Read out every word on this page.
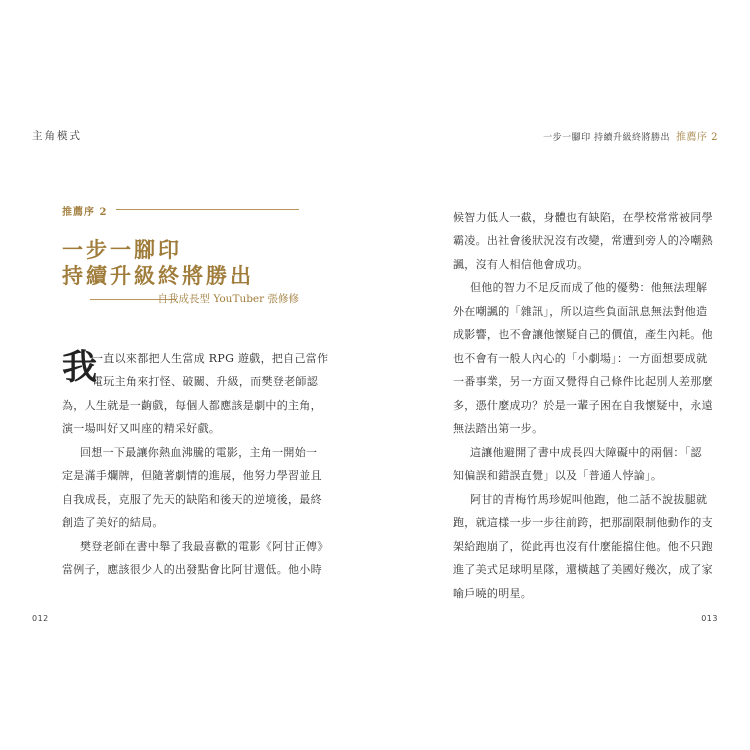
主角模式	一步一腳印 持續升級終將勝出 推薦序 2
推薦序 2
一步一腳印
持續升級終將勝出
自我成長型 YouTuber 張修修
我
一直以來都把人生當成 RPG 遊戲，把自己當作
電玩主角來打怪、破關、升級，而樊登老師認
為，人生就是一齣戲，每個人都應該是劇中的主角，
演一場叫好又叫座的精采好戲。
回想一下最讓你熱血沸騰的電影，主角一開始一
定是滿手爛牌，但隨著劇情的進展，他努力學習並且
自我成長，克服了先天的缺陷和後天的逆境後，最終
創造了美好的結局。
樊登老師在書中舉了我最喜歡的電影《阿甘正傳》
當例子，應該很少人的出發點會比阿甘還低。他小時
候智力低人一截，身體也有缺陷，在學校常常被同學
霸凌。出社會後狀況沒有改變，常遭到旁人的冷嘲熱
諷，沒有人相信他會成功。
但他的智力不足反而成了他的優勢：他無法理解
外在嘲諷的「雜訊」，所以這些負面訊息無法對他造
成影響，也不會讓他懷疑自己的價值，產生內耗。他
也不會有一般人內心的「小劇場」：一方面想要成就
一番事業，另一方面又覺得自己條件比起別人差那麼
多，憑什麼成功？於是一輩子困在自我懷疑中，永遠
無法踏出第一步。
這讓他避開了書中成長四大障礙中的兩個：「認
知偏誤和錯誤直覺」以及「普通人悖論」。
阿甘的青梅竹馬珍妮叫他跑，他二話不說拔腿就
跑，就這樣一步一步往前跨，把那副限制他動作的支
架給跑崩了，從此再也沒有什麼能擋住他。他不只跑
進了美式足球明星隊，還橫越了美國好幾次，成了家
喻戶曉的明星。
012	013
